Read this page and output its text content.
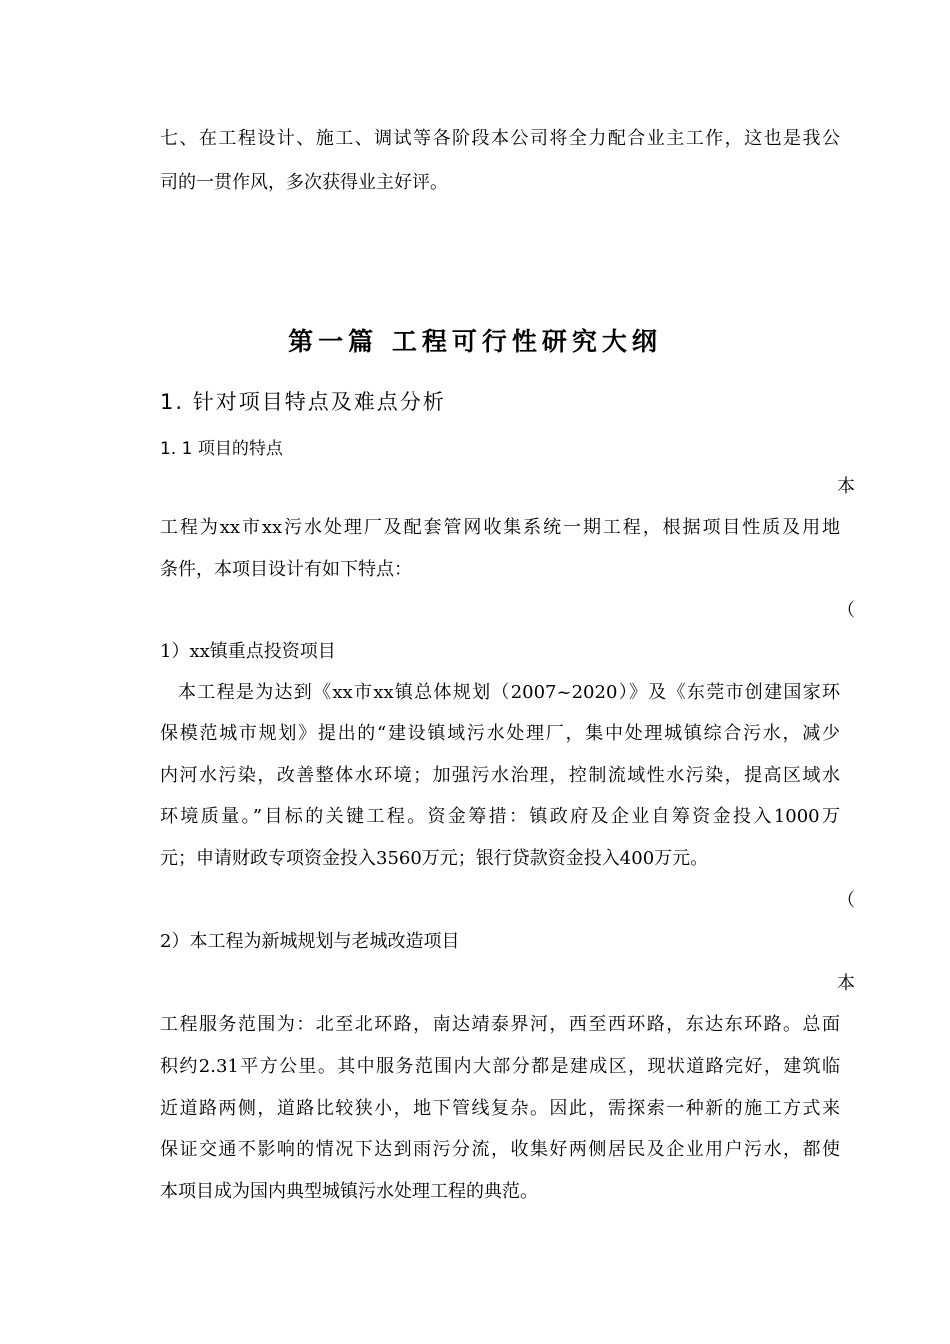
七、在工程设计、施工、调试等各阶段本公司将全力配合业主工作，这也是我公
司的一贯作风，多次获得业主好评。
第一篇 工程可行性研究大纲
1. 针对项目特点及难点分析
1. 1 项目的特点
本
工程为xx市xx污水处理厂及配套管网收集系统一期工程，根据项目性质及用地
条件，本项目设计有如下特点：
（
1）xx镇重点投资项目
本工程是为达到《xx市xx镇总体规划（2007~2020）》及《东莞市创建国家环
保模范城市规划》提出的“建设镇域污水处理厂，集中处理城镇综合污水，减少
内河水污染，改善整体水环境；加强污水治理，控制流域性水污染，提高区域水
环境质量。”目标的关键工程。资金筹措：镇政府及企业自筹资金投入1000万
元；申请财政专项资金投入3560万元；银行贷款资金投入400万元。
（
2）本工程为新城规划与老城改造项目
本
工程服务范围为：北至北环路，南达靖泰界河，西至西环路，东达东环路。总面
积约2.31平方公里。其中服务范围内大部分都是建成区，现状道路完好，建筑临
近道路两侧，道路比较狭小，地下管线复杂。因此，需探索一种新的施工方式来
保证交通不影响的情况下达到雨污分流，收集好两侧居民及企业用户污水，都使
本项目成为国内典型城镇污水处理工程的典范。
